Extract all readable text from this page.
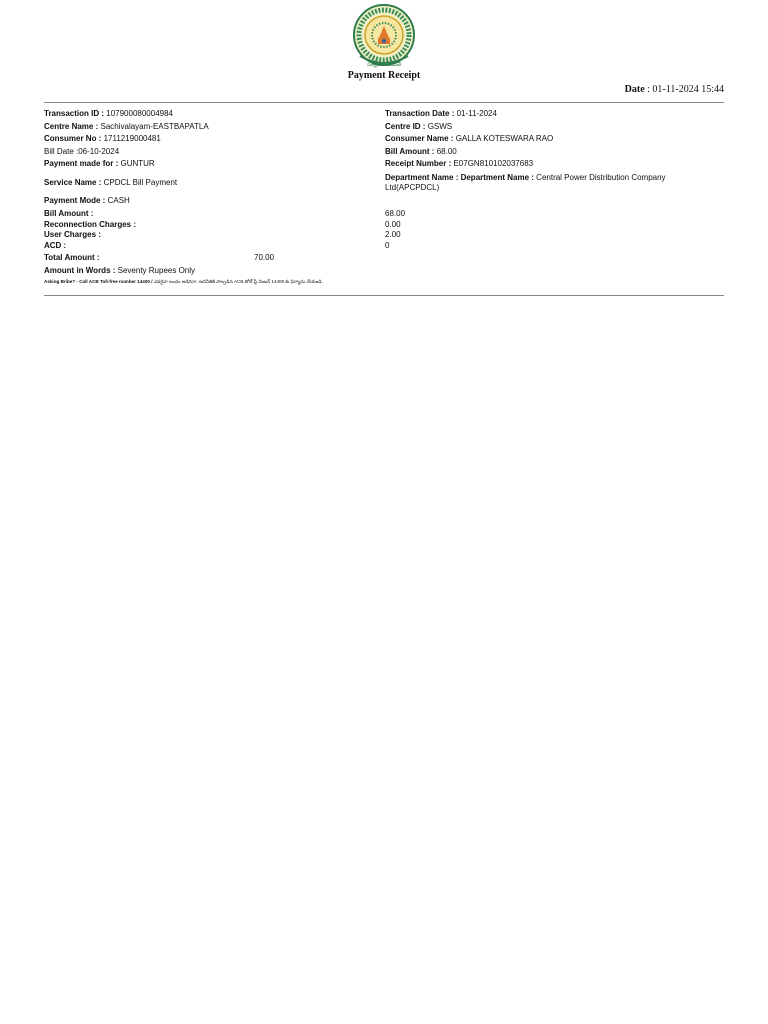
సత్యమేవ జయతే
Payment Receipt
Date : 01-11-2024 15:44
Transaction ID : 107900080004984
Centre Name : Sachivalayam-EASTBAPATLA
Consumer No : 1711219000481
Bill Date :06-10-2024
Payment made for : GUNTUR
Service Name : CPDCL Bill Payment
Payment Mode : CASH
Transaction Date : 01-11-2024
Centre ID : GSWS
Consumer Name : GALLA KOTESWARA RAO
Bill Amount : 68.00
Receipt Number : E07GN810102037683
Department Name : Department Name : Central Power Distribution Company Ltd(APCPDCL)
Bill Amount :	68.00
Reconnection Charges :	0.00
User Charges :	2.00
ACD :	0
Total Amount :	70.00
Amount in Words : Seventy Rupees Only
Asking Bribe? - Call ACB Toll-free number 14400 / ఎవరైనా లంచం అడిగినా, అవినీతికి పాల్పడిన ACB టోల్ ఫ్రీ నెంబర్ 14400 కు ఫిర్యాదు చేయండి.
